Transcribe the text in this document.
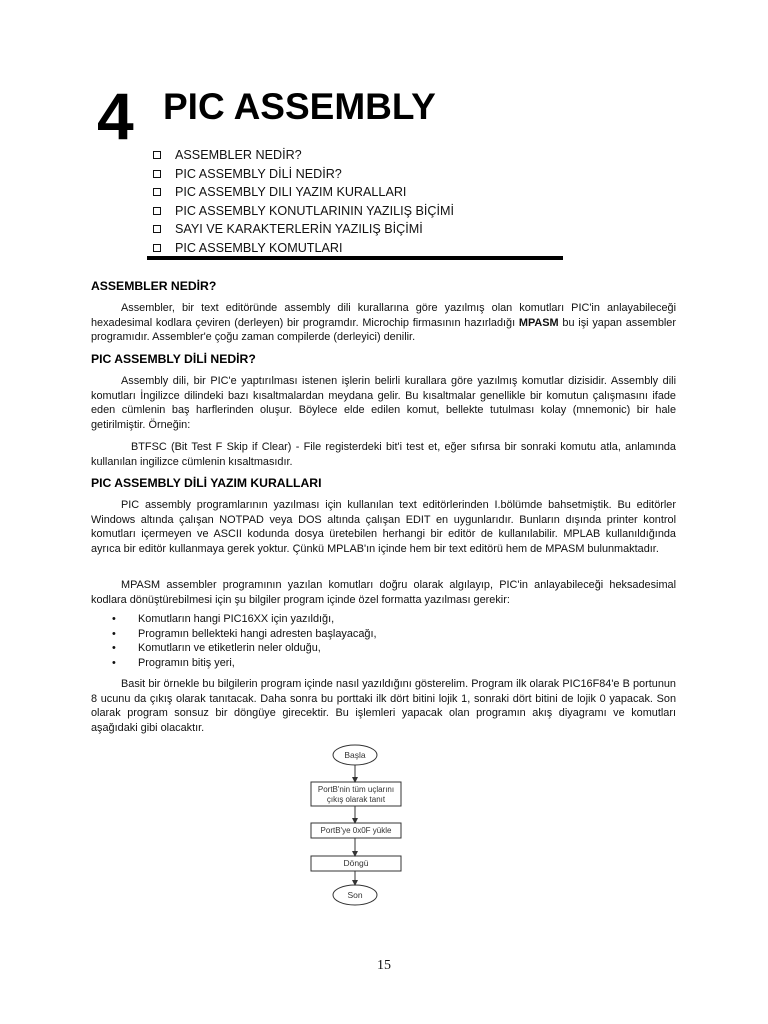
4 PIC ASSEMBLY
ASSEMBLER NEDİR?
PIC ASSEMBLY DİLİ NEDİR?
PIC ASSEMBLY DILI YAZIM KURALLARI
PIC ASSEMBLY KONUTLARININ YAZILIŞ BİÇİMİ
SAYI VE KARAKTERLERİN YAZILIŞ BİÇİMİ
PIC ASSEMBLY KOMUTLARI
ASSEMBLER NEDİR?

Assembler, bir text editöründe assembly dili kurallarına göre yazılmış olan komutları PIC'in anlayabileceği hexadesimal kodlara çeviren (derleyen) bir programdır. Microchip firmasının hazırladığı MPASM bu işi yapan assembler programıdır. Assembler'e çoğu zaman compilerde (derleyici) denilir.

PIC ASSEMBLY DİLİ NEDİR?

Assembly dili, bir PIC'e yaptırılması istenen işlerin belirli kurallara göre yazılmış komutlar dizisidir. Assembly dili komutları İngilizce dilindeki bazı kısaltmalardan meydana gelir. Bu kısaltmalar genellikle bir komutun çalışmasını ifade eden cümlenin baş harflerinden oluşur. Böylece elde edilen komut, bellekte tutulması kolay (mnemonic) bir hale getirilmiştir. Örneğin:

BTFSC (Bit Test F Skip if Clear) - File registerdeki bit'i test et, eğer sıfırsa bir sonraki komutu atla, anlamında kullanılan ingilizce cümlenin kısaltmasıdır.

PIC ASSEMBLY DİLİ YAZIM KURALLARI

PIC assembly programlarının yazılması için kullanılan text editörlerinden I.bölümde bahsetmiştik. Bu editörler Windows altında çalışan NOTPAD veya DOS altında çalışan EDIT en uygunlarıdır. Bunların dışında printer kontrol komutları içermeyen ve ASCII kodunda dosya üretebilen herhangi bir editör de kullanılabilir. MPLAB kullanıldığında ayrıca bir editör kullanmaya gerek yoktur. Çünkü MPLAB'ın içinde hem bir text editörü hem de MPASM bulunmaktadır.

MPASM assembler programının yazılan komutları doğru olarak algılayıp, PIC'in anlayabileceği heksadesimal kodlara dönüştürebilmesi için şu bilgiler program içinde özel formatta yazılması gerekir:

•	Komutların hangi PIC16XX için yazıldığı,
•	Programın bellekteki hangi adresten başlayacağı,
•	Komutların ve etiketlerin neler olduğu,
•	Programın bitiş yeri,

Basit bir örnekle bu bilgilerin program içinde nasıl yazıldığını gösterelim. Program ilk olarak PIC16F84'e B portunun 8 ucunu da çıkış olarak tanıtacak. Daha sonra bu porttaki ilk dört bitini lojik 1, sonraki dört bitini de lojik 0 yapacak. Son olarak program sonsuz bir döngüye girecektir. Bu işlemleri yapacak olan programın akış diyagramı ve komutları aşağıdaki gibi olacaktır.

Başla
PortB'nin tüm uçlarını
çıkış olarak tanıt
PortB'ye 0x0F yükle
Döngü
Son
15
